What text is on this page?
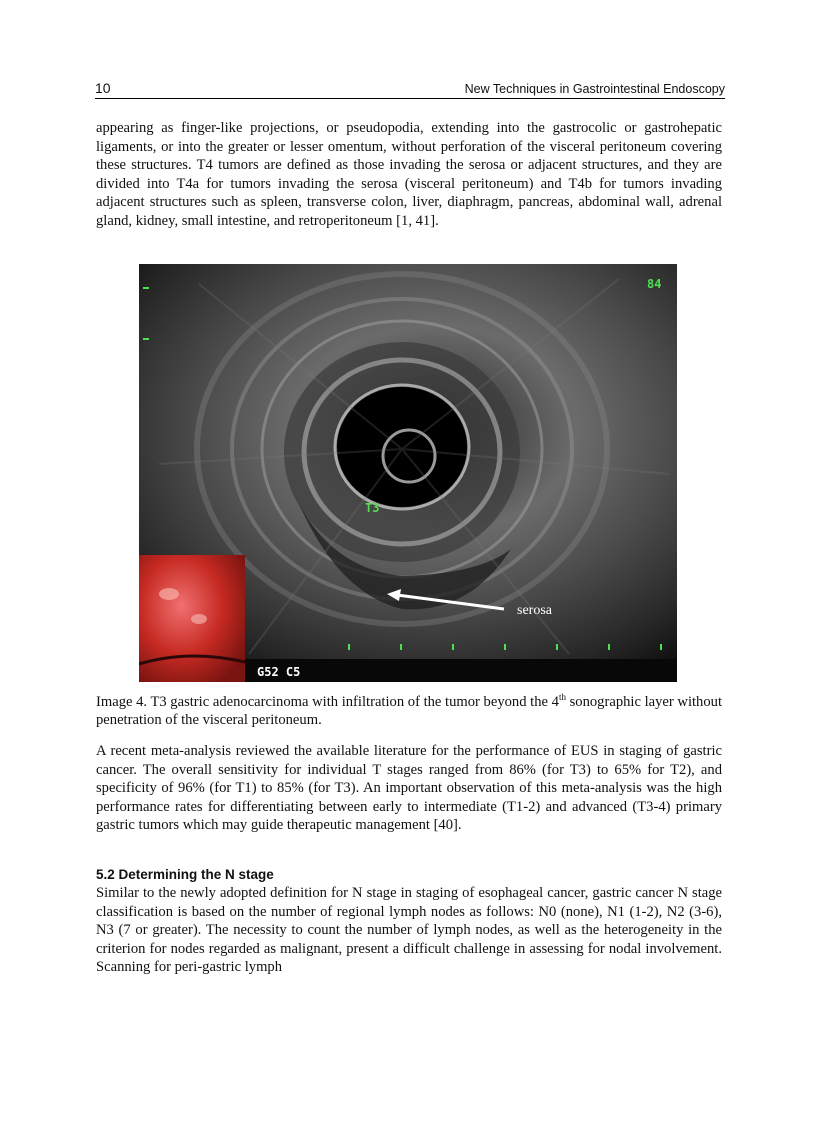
10	New Techniques in Gastrointestinal Endoscopy

appearing as finger-like projections, or pseudopodia, extending into the gastrocolic or gastrohepatic ligaments, or into the greater or lesser omentum, without perforation of the visceral peritoneum covering these structures. T4 tumors are defined as those invading the serosa or adjacent structures, and they are divided into T4a for tumors invading the serosa (visceral peritoneum) and T4b for tumors invading adjacent structures such as spleen, transverse colon, liver, diaphragm, pancreas, abdominal wall, adrenal gland, kidney, small intestine, and retroperitoneum [1, 41].

84
T3
G52 C5
serosa

Image 4. T3 gastric adenocarcinoma with infiltration of the tumor beyond the 4th sonographic layer without penetration of the visceral peritoneum.

A recent meta-analysis reviewed the available literature for the performance of EUS in staging of gastric cancer. The overall sensitivity for individual T stages ranged from 86% (for T3) to 65% for T2), and specificity of 96% (for T1) to 85% (for T3). An important observation of this meta-analysis was the high performance rates for differentiating between early to intermediate (T1-2) and advanced (T3-4) primary gastric tumors which may guide therapeutic management [40].

5.2 Determining the N stage

Similar to the newly adopted definition for N stage in staging of esophageal cancer, gastric cancer N stage classification is based on the number of regional lymph nodes as follows: N0 (none), N1 (1-2), N2 (3-6), N3 (7 or greater). The necessity to count the number of lymph nodes, as well as the heterogeneity in the criterion for nodes regarded as malignant, present a difficult challenge in assessing for nodal involvement. Scanning for peri-gastric lymph
